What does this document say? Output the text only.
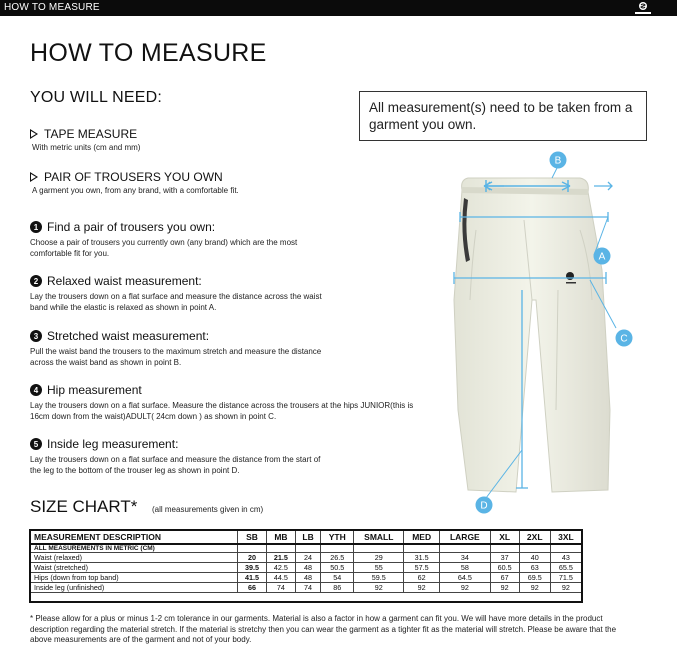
HOW TO MEASURE
HOW TO MEASURE
YOU WILL NEED:
All measurement(s) need to be taken from a garment you own.
TAPE MEASURE
With metric units (cm and mm)
PAIR OF TROUSERS YOU OWN
A garment you own, from any brand, with a comfortable fit.
1 Find a pair of trousers you own:
Choose a pair of trousers you currently own (any brand) which are the most comfortable fit for you.
2 Relaxed waist measurement:
Lay the trousers down on a flat surface and measure the distance across the waist band while the elastic is relaxed as shown in point A.
3 Stretched waist measurement:
Pull the waist band the trousers to the maximum stretch and measure the distance across the waist band as shown in point B.
4 Hip measurement
Lay the trousers down on a flat surface. Measure the distance across the trousers at the hips JUNIOR(this is 16cm down from the waist)ADULT( 24cm down ) as shown in point C.
5 Inside leg measurement:
Lay the trousers down on a flat surface and measure the distance from the start of the leg to the bottom of the trouser leg as shown in point D.
B
A
C
D
SIZE CHART* (all measurements given in cm)
MEASUREMENT DESCRIPTION	SB	MB	LB	YTH	SMALL	MED	LARGE	XL	2XL	3XL
ALL MEASUREMENTS IN METRIC (CM)										
Waist (relaxed)	20	21.5	24	26.5	29	31.5	34	37	40	43
Waist (stretched)	39.5	42.5	48	50.5	55	57.5	58	60.5	63	65.5
Hips (down from top band)	41.5	44.5	48	54	59.5	62	64.5	67	69.5	71.5
Inside leg (unfinished)	66	74	74	86	92	92	92	92	92	92
* Please allow for a plus or minus 1-2 cm tolerance in our garments. Material is also a factor in how a garment can fit you. We will have more details in the product description regarding the material stretch. If the material is stretchy then you can wear the garment as a tighter fit as the material will stretch. Please be aware that the above measurements are of the garment and not of your body.
